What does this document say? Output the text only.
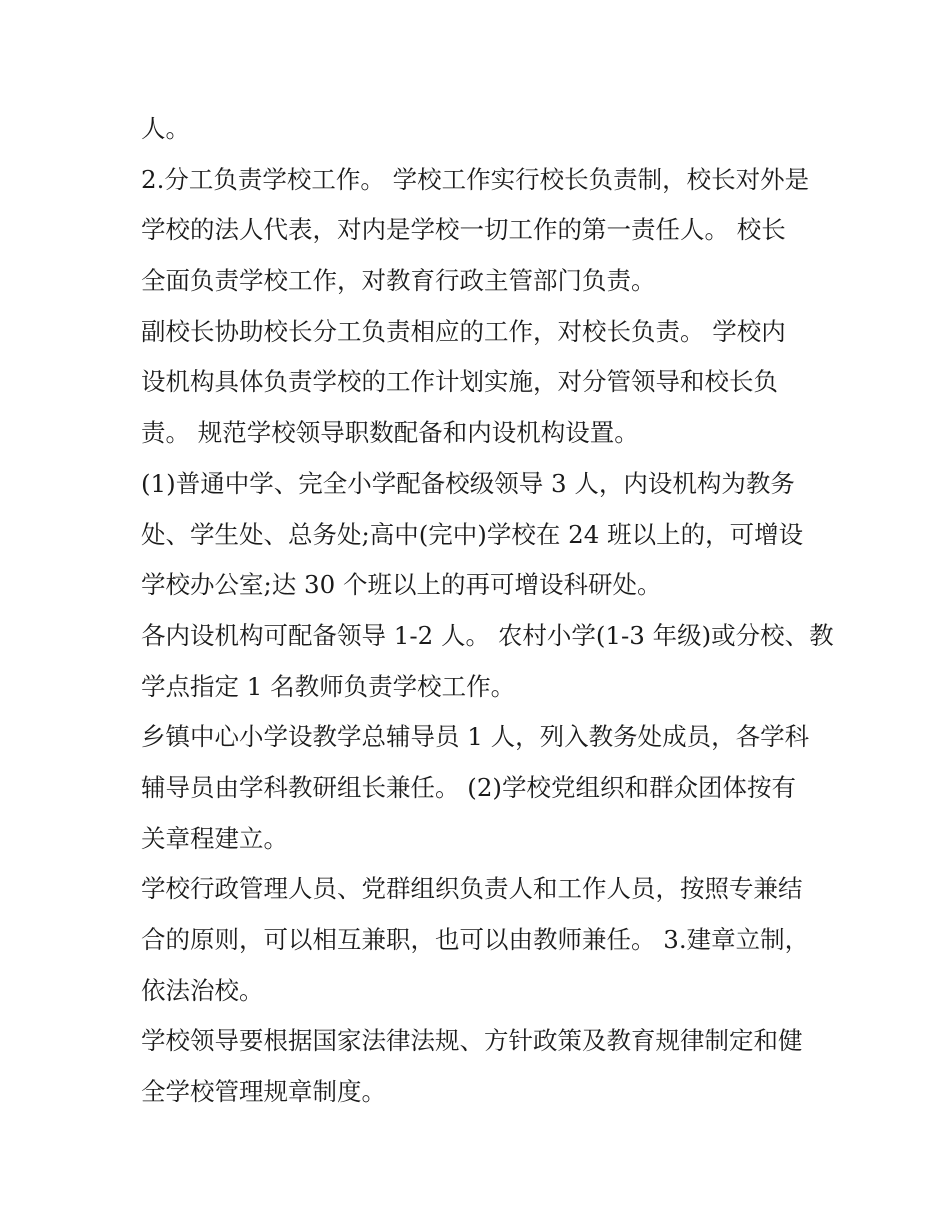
人。
2.分工负责学校工作。 学校工作实行校长负责制，校长对外是
学校的法人代表，对内是学校一切工作的第一责任人。 校长
全面负责学校工作，对教育行政主管部门负责。
副校长协助校长分工负责相应的工作，对校长负责。 学校内
设机构具体负责学校的工作计划实施，对分管领导和校长负
责。 规范学校领导职数配备和内设机构设置。
(1)普通中学、完全小学配备校级领导 3 人，内设机构为教务
处、学生处、总务处;高中(完中)学校在 24 班以上的，可增设
学校办公室;达 30 个班以上的再可增设科研处。
各内设机构可配备领导 1-2 人。 农村小学(1-3 年级)或分校、教
学点指定 1 名教师负责学校工作。
乡镇中心小学设教学总辅导员 1 人，列入教务处成员，各学科
辅导员由学科教研组长兼任。 (2)学校党组织和群众团体按有
关章程建立。
学校行政管理人员、党群组织负责人和工作人员，按照专兼结
合的原则，可以相互兼职，也可以由教师兼任。 3.建章立制，
依法治校。
学校领导要根据国家法律法规、方针政策及教育规律制定和健
全学校管理规章制度。
